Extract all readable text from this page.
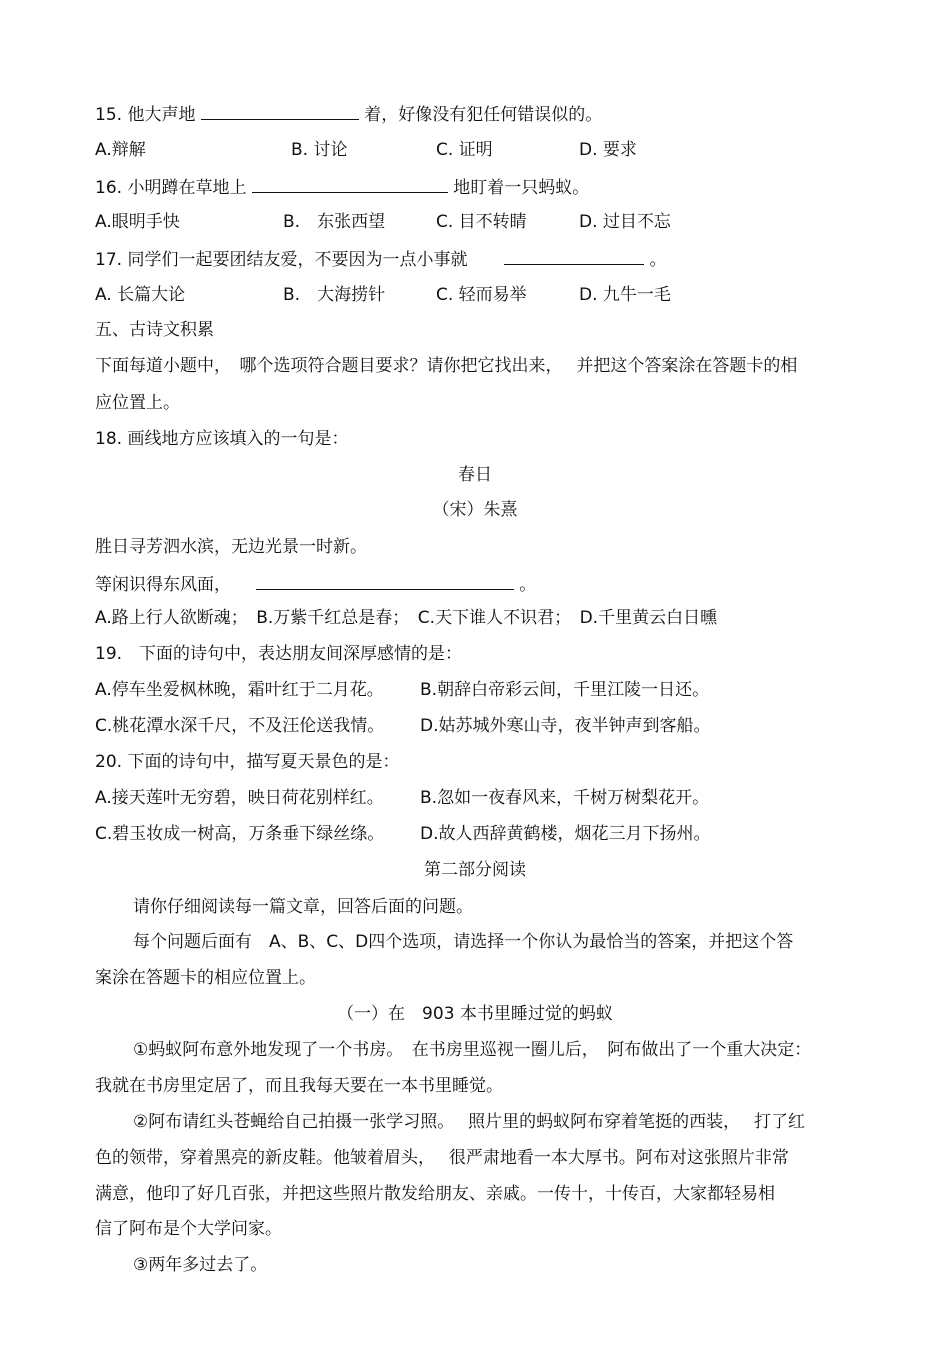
15. 他大声地	着，好像没有犯任何错误似的。
A.辩解	B. 讨论	C. 证明	D. 要求
16. 小明蹲在草地上	地盯着一只蚂蚁。
A.眼明手快	B.　东张西望	C. 目不转睛	D. 过目不忘
17. 同学们一起要团结友爱，不要因为一点小事就	。
A. 长篇大论	B.　大海捞针	C. 轻而易举	D. 九牛一毛
五、古诗文积累
下面每道小题中，　哪个选项符合题目要求？请你把它找出来，　 并把这个答案涂在答题卡的相
应位置上。
18. 画线地方应该填入的一句是：
春日
（宋）朱熹
胜日寻芳泗水滨，无边光景一时新。
等闲识得东风面，	。
A.路上行人欲断魂；　B.万紫千红总是春；　C.天下谁人不识君；　D.千里黄云白日曛
19.　下面的诗句中，表达朋友间深厚感情的是：
A.停车坐爱枫林晚，霜叶红于二月花。 B.朝辞白帝彩云间，千里江陵一日还。
C.桃花潭水深千尺，不及汪伦送我情。 D.姑苏城外寒山寺，夜半钟声到客船。
20. 下面的诗句中，描写夏天景色的是：
A.接天莲叶无穷碧，映日荷花别样红。 B.忽如一夜春风来，千树万树梨花开。
C.碧玉妆成一树高，万条垂下绿丝绦。 D.故人西辞黄鹤楼，烟花三月下扬州。
第二部分阅读
请你仔细阅读每一篇文章，回答后面的问题。
每个问题后面有　A、B、C、D四个选项，请选择一个你认为最恰当的答案，并把这个答
案涂在答题卡的相应位置上。
（一）在　903 本书里睡过觉的蚂蚁
①蚂蚁阿布意外地发现了一个书房。　在书房里巡视一圈儿后，　阿布做出了一个重大决定：
我就在书房里定居了，而且我每天要在一本书里睡觉。
②阿布请红头苍蝇给自己拍摄一张学习照。　 照片里的蚂蚁阿布穿着笔挺的西装，　 打了红
色的领带，穿着黑亮的新皮鞋。他皱着眉头，　 很严肃地看一本大厚书。阿布对这张照片非常
满意，他印了好几百张，并把这些照片散发给朋友、亲戚。一传十，十传百，大家都轻易相
信了阿布是个大学问家。
③两年多过去了。
